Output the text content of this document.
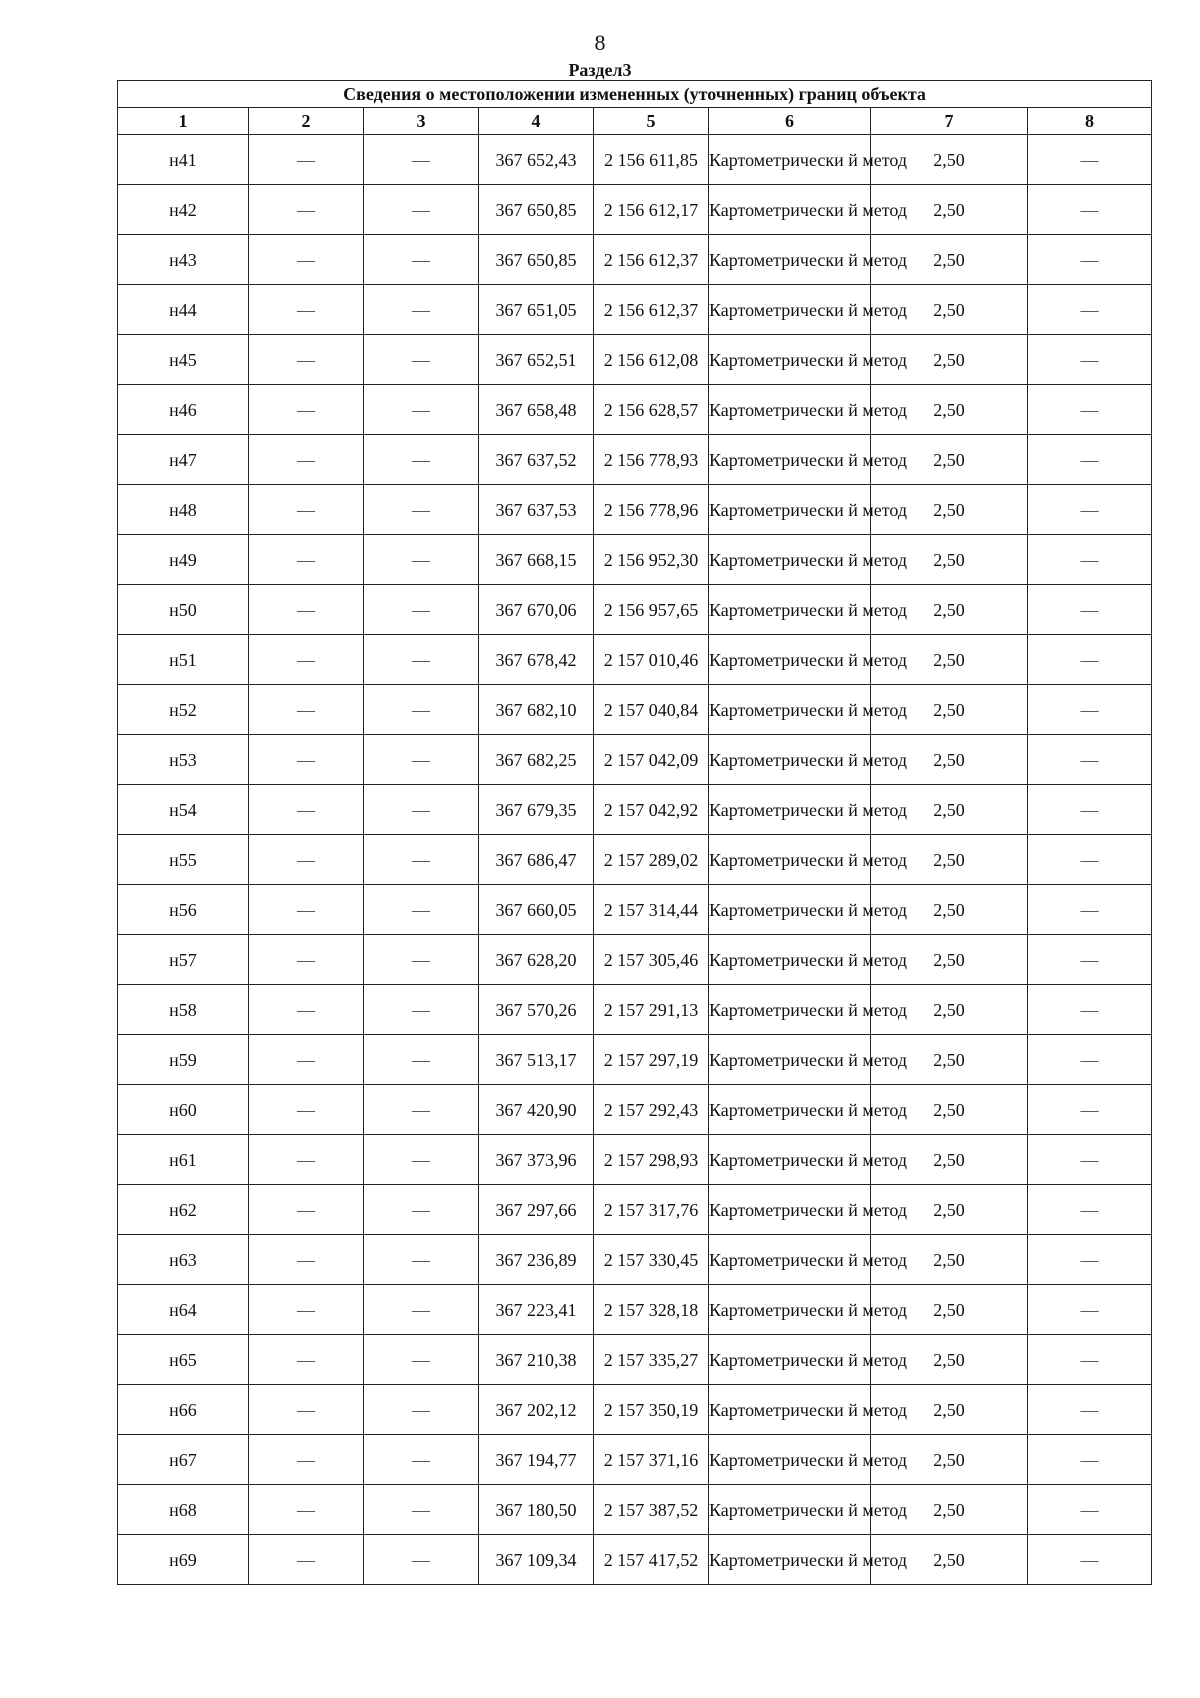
8
Раздел3
Сведения о местоположении измененных (уточненных) границ объекта							
1	2	3	4	5	6	7	8
н41	—	—	367 652,43	2 156 611,85	Картометрически й метод	2,50	—
н42	—	—	367 650,85	2 156 612,17	Картометрически й метод	2,50	—
н43	—	—	367 650,85	2 156 612,37	Картометрически й метод	2,50	—
н44	—	—	367 651,05	2 156 612,37	Картометрически й метод	2,50	—
н45	—	—	367 652,51	2 156 612,08	Картометрически й метод	2,50	—
н46	—	—	367 658,48	2 156 628,57	Картометрически й метод	2,50	—
н47	—	—	367 637,52	2 156 778,93	Картометрически й метод	2,50	—
н48	—	—	367 637,53	2 156 778,96	Картометрически й метод	2,50	—
н49	—	—	367 668,15	2 156 952,30	Картометрически й метод	2,50	—
н50	—	—	367 670,06	2 156 957,65	Картометрически й метод	2,50	—
н51	—	—	367 678,42	2 157 010,46	Картометрически й метод	2,50	—
н52	—	—	367 682,10	2 157 040,84	Картометрически й метод	2,50	—
н53	—	—	367 682,25	2 157 042,09	Картометрически й метод	2,50	—
н54	—	—	367 679,35	2 157 042,92	Картометрически й метод	2,50	—
н55	—	—	367 686,47	2 157 289,02	Картометрически й метод	2,50	—
н56	—	—	367 660,05	2 157 314,44	Картометрически й метод	2,50	—
н57	—	—	367 628,20	2 157 305,46	Картометрически й метод	2,50	—
н58	—	—	367 570,26	2 157 291,13	Картометрически й метод	2,50	—
н59	—	—	367 513,17	2 157 297,19	Картометрически й метод	2,50	—
н60	—	—	367 420,90	2 157 292,43	Картометрически й метод	2,50	—
н61	—	—	367 373,96	2 157 298,93	Картометрически й метод	2,50	—
н62	—	—	367 297,66	2 157 317,76	Картометрически й метод	2,50	—
н63	—	—	367 236,89	2 157 330,45	Картометрически й метод	2,50	—
н64	—	—	367 223,41	2 157 328,18	Картометрически й метод	2,50	—
н65	—	—	367 210,38	2 157 335,27	Картометрически й метод	2,50	—
н66	—	—	367 202,12	2 157 350,19	Картометрически й метод	2,50	—
н67	—	—	367 194,77	2 157 371,16	Картометрически й метод	2,50	—
н68	—	—	367 180,50	2 157 387,52	Картометрически й метод	2,50	—
н69	—	—	367 109,34	2 157 417,52	Картометрически й метод	2,50	—
